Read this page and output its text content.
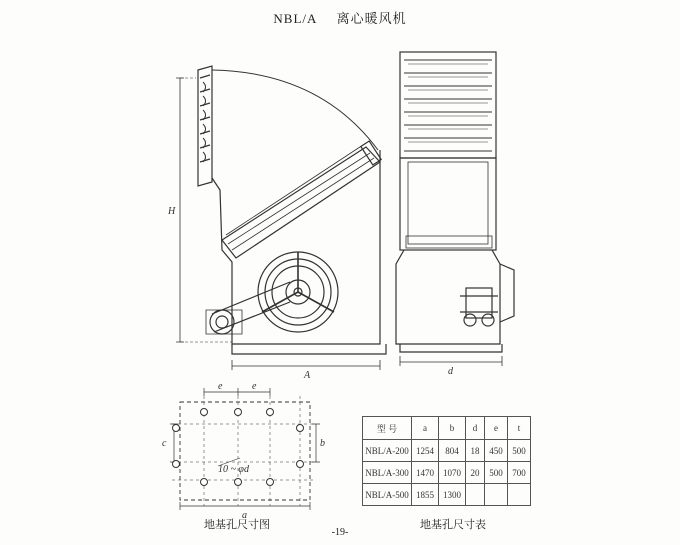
NBL/A 离心暖风机
H
A	d
e	e
c	b
a
10 ~ φd
型 号	a	b	d	e	t
NBL/A-200	1254	804	18	450	500
NBL/A-300	1470	1070	20	500	700
NBL/A-500	1855	1300			
地基孔尺寸图	地基孔尺寸表
-19-
